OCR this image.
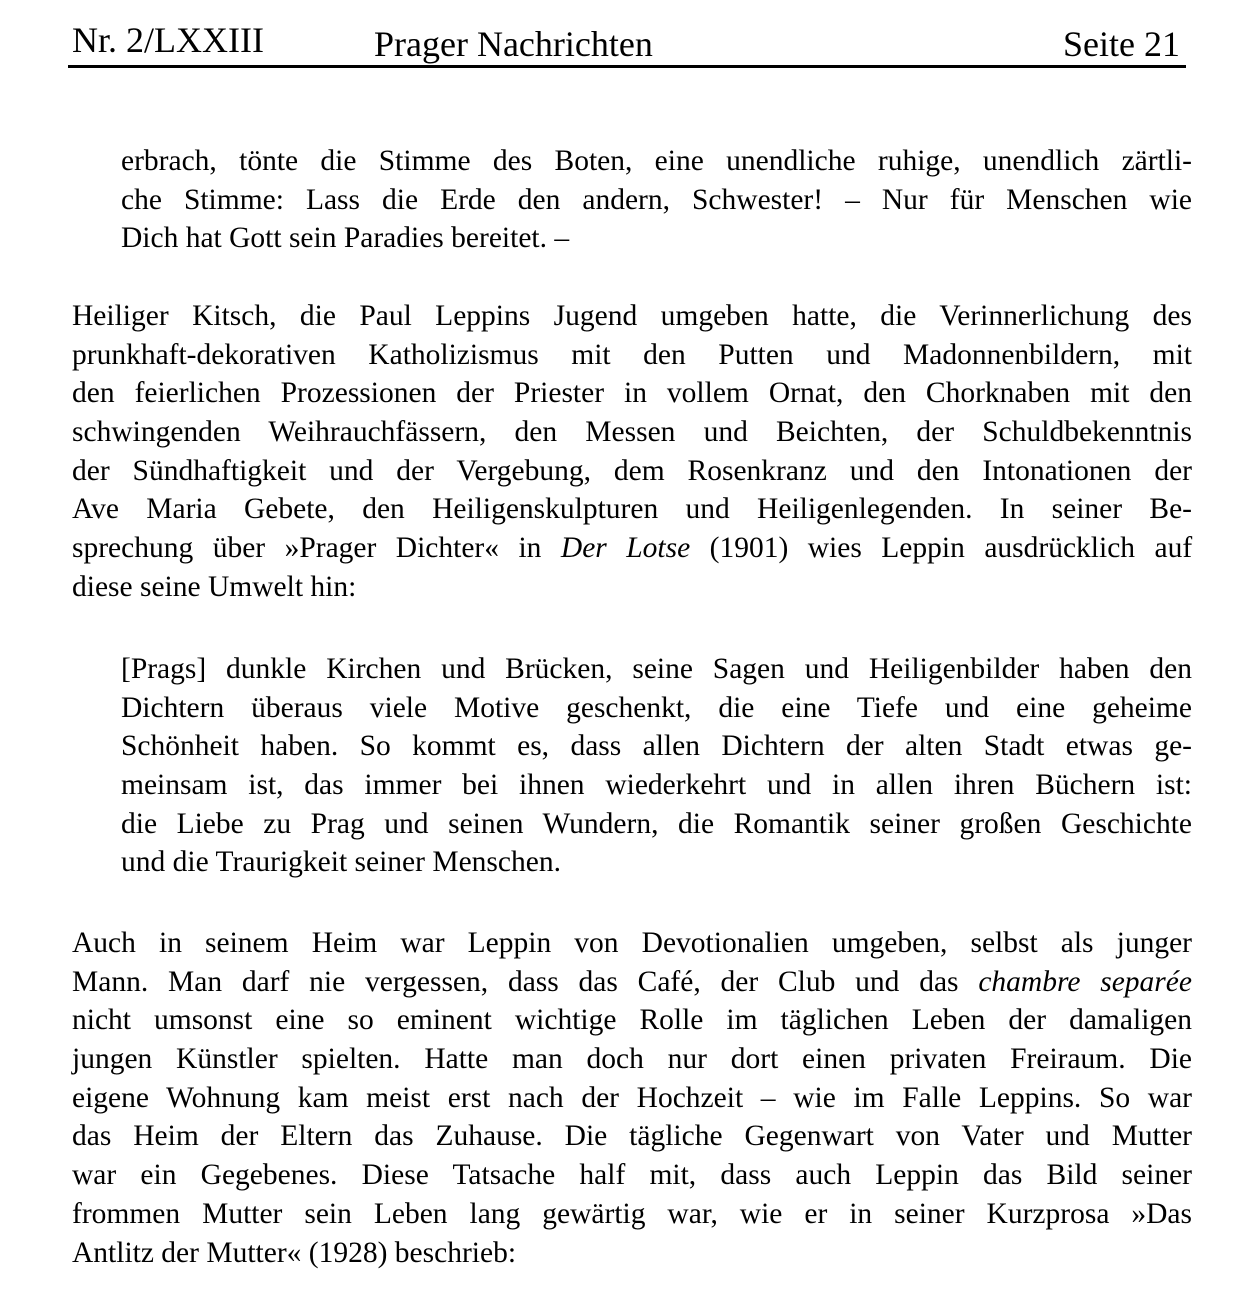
Nr. 2/LXXIII	Prager Nachrichten	Seite 21
erbrach, tönte die Stimme des Boten, eine unendliche ruhige, unendlich zärtli-
che Stimme: Lass die Erde den andern, Schwester! – Nur für Menschen wie
Dich hat Gott sein Paradies bereitet. –
Heiliger Kitsch, die Paul Leppins Jugend umgeben hatte, die Verinnerlichung des
prunkhaft-dekorativen Katholizismus mit den Putten und Madonnenbildern, mit
den feierlichen Prozessionen der Priester in vollem Ornat, den Chorknaben mit den
schwingenden Weihrauchfässern, den Messen und Beichten, der Schuldbekenntnis
der Sündhaftigkeit und der Vergebung, dem Rosenkranz und den Intonationen der
Ave Maria Gebete, den Heiligenskulpturen und Heiligenlegenden. In seiner Be-
sprechung über »Prager Dichter« in Der Lotse (1901) wies Leppin ausdrücklich auf
diese seine Umwelt hin:
[Prags] dunkle Kirchen und Brücken, seine Sagen und Heiligenbilder haben den
Dichtern überaus viele Motive geschenkt, die eine Tiefe und eine geheime
Schönheit haben. So kommt es, dass allen Dichtern der alten Stadt etwas ge-
meinsam ist, das immer bei ihnen wiederkehrt und in allen ihren Büchern ist:
die Liebe zu Prag und seinen Wundern, die Romantik seiner großen Geschichte
und die Traurigkeit seiner Menschen.
Auch in seinem Heim war Leppin von Devotionalien umgeben, selbst als junger
Mann. Man darf nie vergessen, dass das Café, der Club und das chambre separée
nicht umsonst eine so eminent wichtige Rolle im täglichen Leben der damaligen
jungen Künstler spielten. Hatte man doch nur dort einen privaten Freiraum. Die
eigene Wohnung kam meist erst nach der Hochzeit – wie im Falle Leppins. So war
das Heim der Eltern das Zuhause. Die tägliche Gegenwart von Vater und Mutter
war ein Gegebenes. Diese Tatsache half mit, dass auch Leppin das Bild seiner
frommen Mutter sein Leben lang gewärtig war, wie er in seiner Kurzprosa »Das
Antlitz der Mutter« (1928) beschrieb:
